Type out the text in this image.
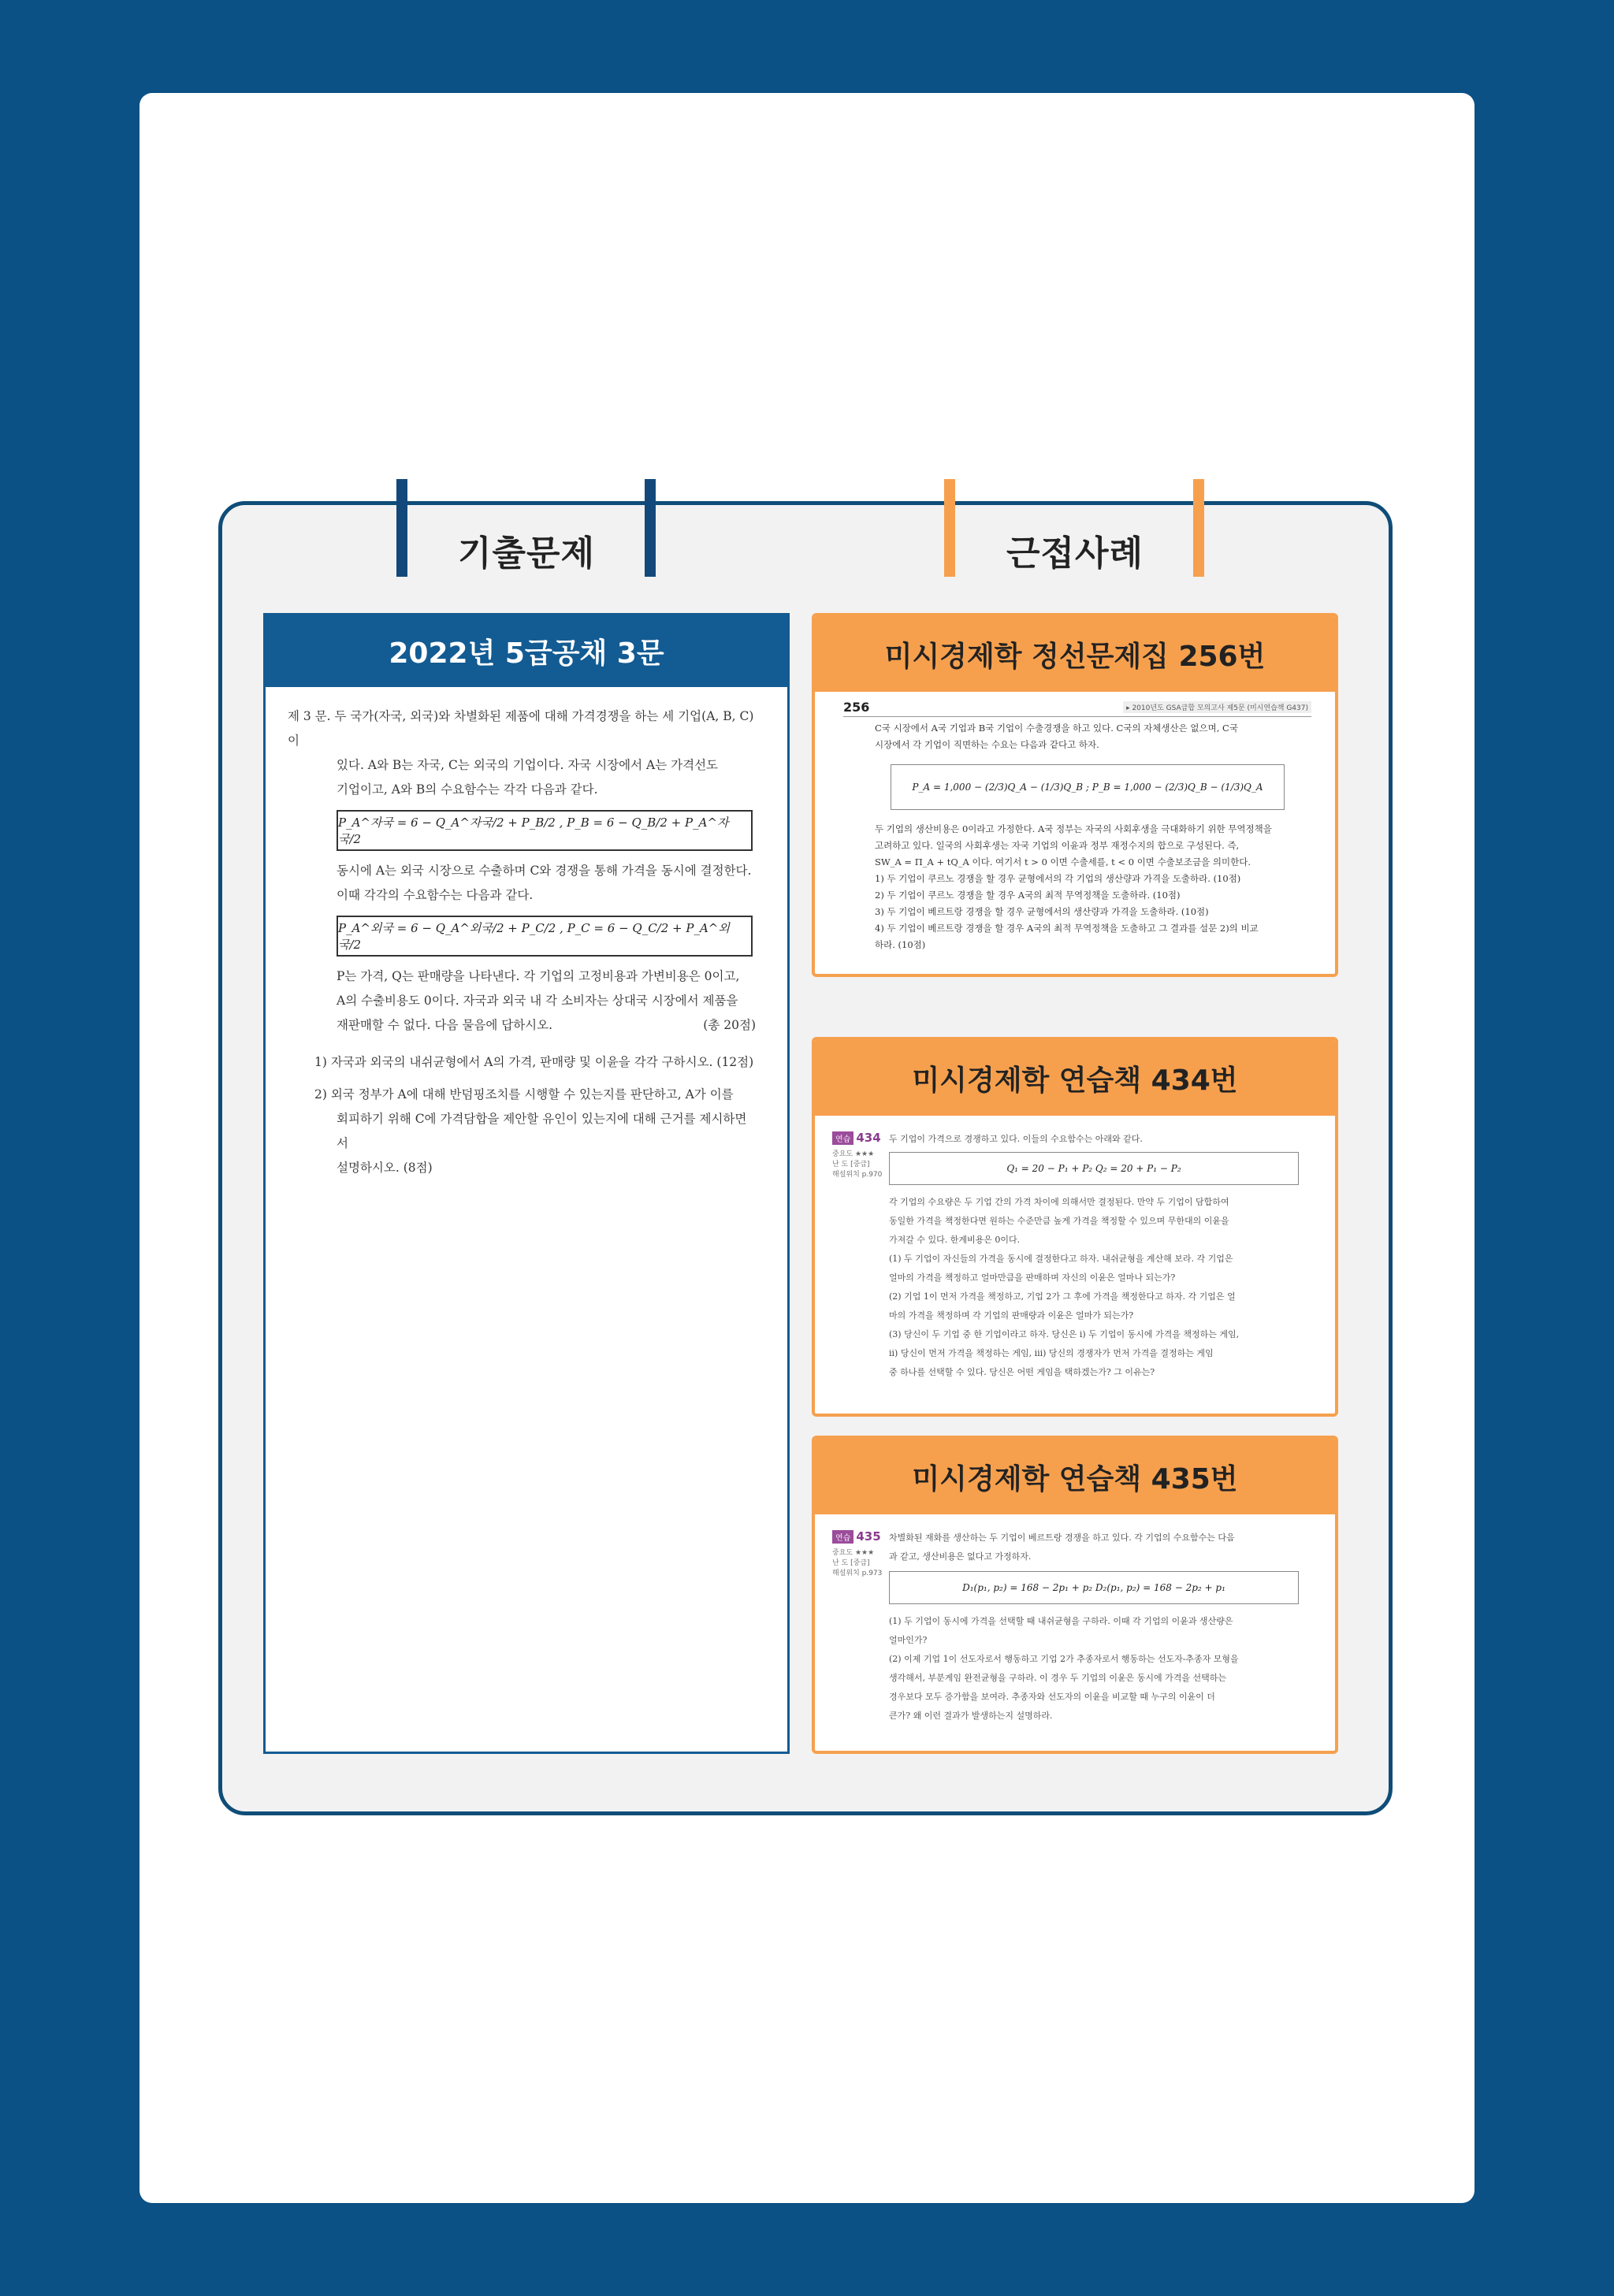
기출문제	근접사례
2022년 5급공채 3문

제 3 문. 두 국가(자국, 외국)와 차별화된 제품에 대해 가격경쟁을 하는 세 기업(A, B, C)이

있다. A와 B는 자국, C는 외국의 기업이다. 자국 시장에서 A는 가격선도

기업이고, A와 B의 수요함수는 각각 다음과 같다.

P_A^자국 = 6 − Q_A^자국/2 + P_B/2 , P_B = 6 − Q_B/2 + P_A^자국/2

동시에 A는 외국 시장으로 수출하며 C와 경쟁을 통해 가격을 동시에 결정한다.

이때 각각의 수요함수는 다음과 같다.

P_A^외국 = 6 − Q_A^외국/2 + P_C/2 , P_C = 6 − Q_C/2 + P_A^외국/2

P는 가격, Q는 판매량을 나타낸다. 각 기업의 고정비용과 가변비용은 0이고,

A의 수출비용도 0이다. 자국과 외국 내 각 소비자는 상대국 시장에서 제품을

재판매할 수 없다. 다음 물음에 답하시오.	(총 20점)

1) 자국과 외국의 내쉬균형에서 A의 가격, 판매량 및 이윤을 각각 구하시오. (12점)

2) 외국 정부가 A에 대해 반덤핑조치를 시행할 수 있는지를 판단하고, A가 이를

회피하기 위해 C에 가격담합을 제안할 유인이 있는지에 대해 근거를 제시하면서

설명하시오. (8점)

미시경제학 정선문제집 256번
256	▸ 2010년도 GSA급합 모의고사 제5문 (미시연습책 G437)

C국 시장에서 A국 기업과 B국 기업이 수출경쟁을 하고 있다. C국의 자체생산은 없으며, C국

시장에서 각 기업이 직면하는 수요는 다음과 같다고 하자.

P_A = 1,000 − (2/3)Q_A − (1/3)Q_B ; P_B = 1,000 − (2/3)Q_B − (1/3)Q_A

두 기업의 생산비용은 0이라고 가정한다. A국 정부는 자국의 사회후생을 극대화하기 위한 무역정책을

고려하고 있다. 일국의 사회후생는 자국 기업의 이윤과 정부 재정수지의 합으로 구성된다. 즉,

SW_A = Π_A + tQ_A 이다. 여기서 t > 0 이면 수출세를, t < 0 이면 수출보조금을 의미한다.

1) 두 기업이 쿠르노 경쟁을 할 경우 균형에서의 각 기업의 생산량과 가격을 도출하라. (10점)

2) 두 기업이 쿠르노 경쟁을 할 경우 A국의 최적 무역정책을 도출하라. (10점)

3) 두 기업이 베르트랑 경쟁을 할 경우 균형에서의 생산량과 가격을 도출하라. (10점)

4) 두 기업이 베르트랑 경쟁을 할 경우 A국의 최적 무역정책을 도출하고 그 결과를 설문 2)의 비교

하라. (10점)

미시경제학 연습책 434번
연습 434
중요도 ★★★
난 도 [중급]
해설위치 p.970

두 기업이 가격으로 경쟁하고 있다. 이들의 수요함수는 아래와 같다.

Q₁ = 20 − P₁ + P₂ Q₂ = 20 + P₁ − P₂

각 기업의 수요량은 두 기업 간의 가격 차이에 의해서만 결정된다. 만약 두 기업이 담합하여

동일한 가격을 책정한다면 원하는 수준만큼 높게 가격을 책정할 수 있으며 무한대의 이윤을

가져갈 수 있다. 한계비용은 0이다.

(1) 두 기업이 자신들의 가격을 동시에 결정한다고 하자. 내쉬균형을 계산해 보라. 각 기업은

얼마의 가격을 책정하고 얼마만큼을 판매하며 자신의 이윤은 얼마나 되는가?

(2) 기업 1이 먼저 가격을 책정하고, 기업 2가 그 후에 가격을 책정한다고 하자. 각 기업은 얼

마의 가격을 책정하며 각 기업의 판매량과 이윤은 얼마가 되는가?

(3) 당신이 두 기업 중 한 기업이라고 하자. 당신은 i) 두 기업이 동시에 가격을 책정하는 게임,

ii) 당신이 먼저 가격을 책정하는 게임, iii) 당신의 경쟁자가 먼저 가격을 결정하는 게임

중 하나를 선택할 수 있다. 당신은 어떤 게임을 택하겠는가? 그 이유는?

미시경제학 연습책 435번
연습 435
중요도 ★★★
난 도 [중급]
해설위치 p.973

차별화된 재화를 생산하는 두 기업이 베르트랑 경쟁을 하고 있다. 각 기업의 수요함수는 다음

과 같고, 생산비용은 없다고 가정하자.

D₁(p₁, p₂) = 168 − 2p₁ + p₂ D₂(p₁, p₂) = 168 − 2p₂ + p₁

(1) 두 기업이 동시에 가격을 선택할 때 내쉬균형을 구하라. 이때 각 기업의 이윤과 생산량은

얼마인가?

(2) 이제 기업 1이 선도자로서 행동하고 기업 2가 추종자로서 행동하는 선도자-추종자 모형을

생각해서, 부분게임 완전균형을 구하라. 이 경우 두 기업의 이윤은 동시에 가격을 선택하는

경우보다 모두 증가함을 보여라. 추종자와 선도자의 이윤을 비교할 때 누구의 이윤이 더

큰가? 왜 이런 결과가 발생하는지 설명하라.
